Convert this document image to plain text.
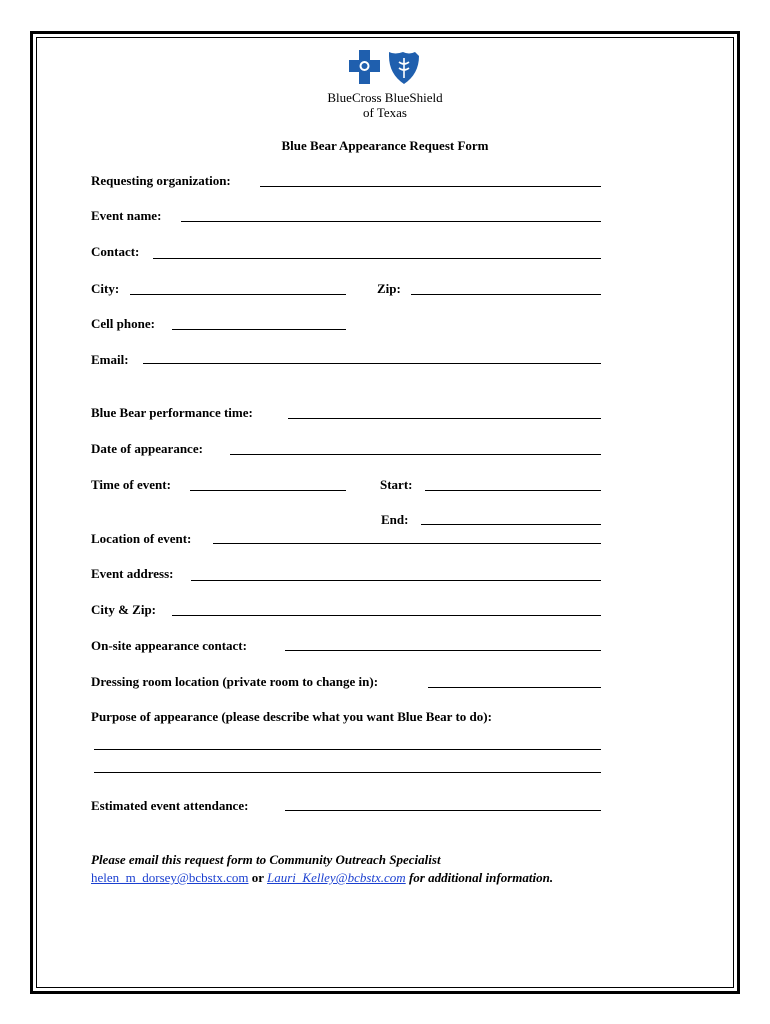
BlueCross BlueShield
of Texas
Blue Bear Appearance Request Form
Requesting organization:
Event name:
Contact:
City:	Zip:
Cell phone:
Email:
Blue Bear performance time:
Date of appearance:
Time of event:	Start:
End:
Location of event:
Event address:
City & Zip:
On-site appearance contact:
Dressing room location (private room to change in):
Purpose of appearance (please describe what you want Blue Bear to do):
Estimated event attendance:
Please email this request form to Community Outreach Specialist
helen_m_dorsey@bcbstx.com or Lauri_Kelley@bcbstx.com for additional information.
